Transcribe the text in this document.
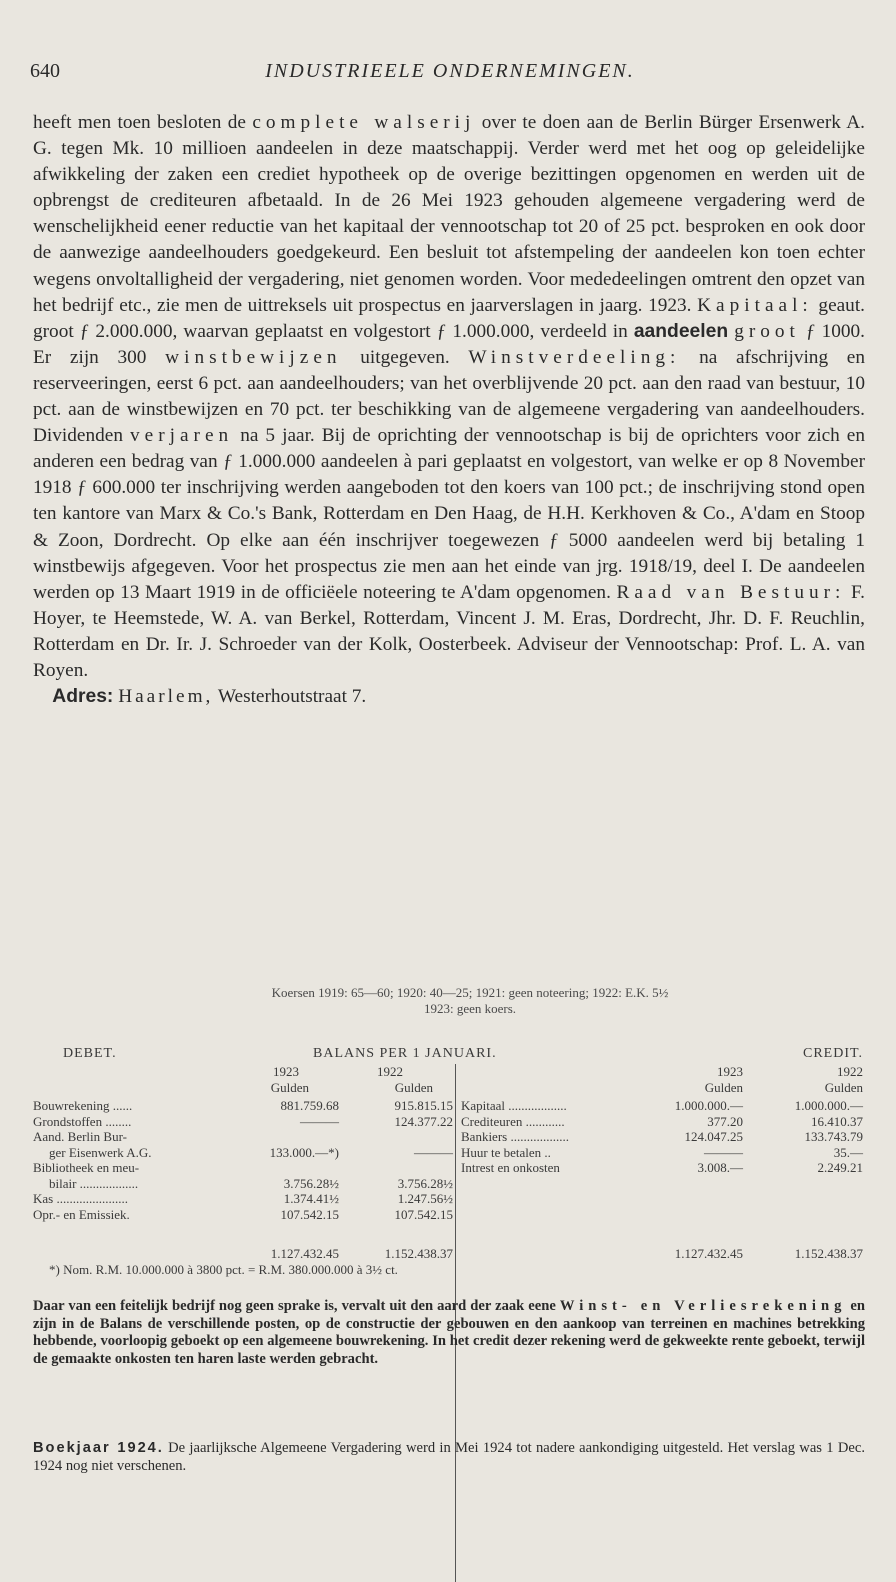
640	INDUSTRIEELE ONDERNEMINGEN.

heeft men toen besloten de complete walserij over te doen aan de Berlin Bürger Ersenwerk A. G. tegen Mk. 10 millioen aandeelen in deze maatschappij. Verder werd met het oog op geleidelijke afwikkeling der zaken een crediet hypotheek op de overige bezittingen opgenomen en werden uit de opbrengst de crediteuren afbetaald. In de 26 Mei 1923 gehouden algemeene vergadering werd de wenschelijkheid eener reductie van het kapitaal der vennootschap tot 20 of 25 pct. besproken en ook door de aanwezige aandeelhouders goedgekeurd. Een besluit tot afstempeling der aandeelen kon toen echter wegens onvoltalligheid der vergadering, niet genomen worden. Voor mededeelingen omtrent den opzet van het bedrijf etc., zie men de uittreksels uit prospectus en jaarverslagen in jaarg. 1923. Kapitaal: geaut. groot ƒ 2.000.000, waarvan geplaatst en volgestort ƒ 1.000.000, verdeeld in aandeelen groot ƒ 1000. Er zijn 300 winstbewijzen uitgegeven. Winstverdeeling: na afschrijving en reserveeringen, eerst 6 pct. aan aandeelhouders; van het overblijvende 20 pct. aan den raad van bestuur, 10 pct. aan de winstbewijzen en 70 pct. ter beschikking van de algemeene vergadering van aandeelhouders. Dividenden verjaren na 5 jaar. Bij de oprichting der vennootschap is bij de oprichters voor zich en anderen een bedrag van ƒ 1.000.000 aandeelen à pari geplaatst en volgestort, van welke er op 8 November 1918 ƒ 600.000 ter inschrijving werden aangeboden tot den koers van 100 pct.; de inschrijving stond open ten kantore van Marx & Co.'s Bank, Rotterdam en Den Haag, de H.H. Kerkhoven & Co., A'dam en Stoop & Zoon, Dordrecht. Op elke aan één inschrijver toegewezen ƒ 5000 aandeelen werd bij betaling 1 winstbewijs afgegeven. Voor het prospectus zie men aan het einde van jrg. 1918/19, deel I. De aandeelen werden op 13 Maart 1919 in de officiëele noteering te A'dam opgenomen. Raad van Bestuur: F. Hoyer, te Heemstede, W. A. van Berkel, Rotterdam, Vincent J. M. Eras, Dordrecht, Jhr. D. F. Reuchlin, Rotterdam en Dr. Ir. J. Schroeder van der Kolk, Oosterbeek. Adviseur der Vennootschap: Prof. L. A. van Royen.

Adres: Haarlem, Westerhoutstraat 7.

Koersen 1919: 65—60; 1920: 40—25; 1921: geen noteering; 1922: E.K. 5½
1923: geen koers.
DEBET.	BALANS PER 1 JANUARI.	CREDIT.
1923	1922
Gulden	Gulden
1923	1922
Gulden	Gulden
Bouwrekening ......	881.759.68	915.815.15
Grondstoffen ........	———	124.377.22
Aand. Berlin Bur-
ger Eisenwerk A.G.	133.000.—*)	———
Bibliotheek en meu-
bilair ..................	3.756.28½	3.756.28½
Kas ......................	1.374.41½	1.247.56½
Opr.- en Emissiek.	107.542.15	107.542.15
Kapitaal ..................	1.000.000.—	1.000.000.—
Crediteuren ............	377.20	16.410.37
Bankiers ..................	124.047.25	133.743.79
Huur te betalen ..	———	35.—
Intrest en onkosten	3.008.—	2.249.21
1.127.432.45	1.152.438.37	1.127.432.45	1.152.438.37
*) Nom. R.M. 10.000.000 à 3800 pct. = R.M. 380.000.000 à 3½ ct.

Daar van een feitelijk bedrijf nog geen sprake is, vervalt uit den aard der zaak eene Winst- en Verliesrekening en zijn in de Balans de verschillende posten, op de constructie der gebouwen en den aankoop van terreinen en machines betrekking hebbende, voorloopig geboekt op een algemeene bouwrekening. In het credit dezer rekening werd de gekweekte rente geboekt, terwijl de gemaakte onkosten ten haren laste werden gebracht.

Boekjaar 1924. De jaarlijksche Algemeene Vergadering werd in Mei 1924 tot nadere aankondiging uitgesteld. Het verslag was 1 Dec. 1924 nog niet verschenen.
